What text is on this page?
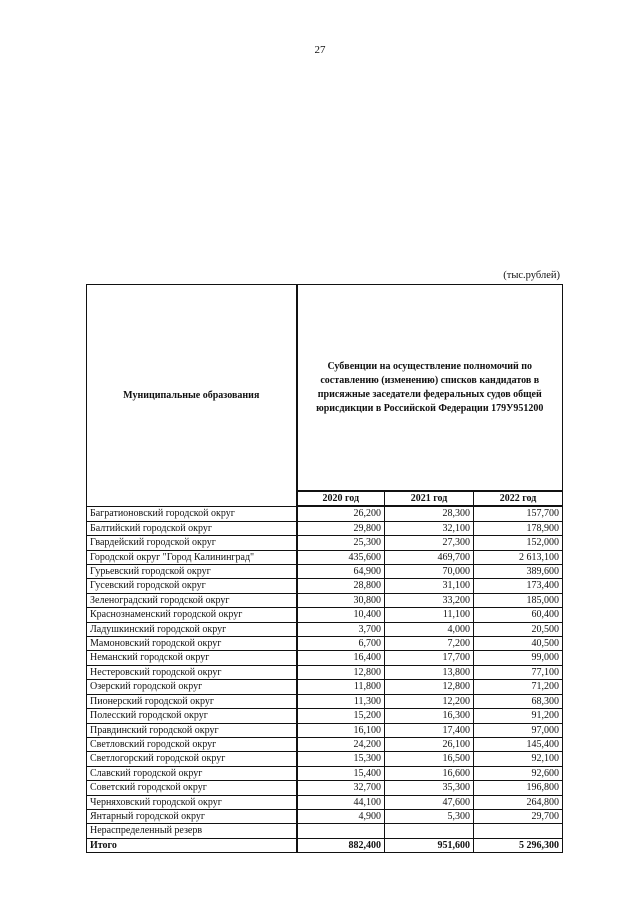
27
(тыс.рублей)
Муниципальные образования	Субвенции на осуществление полномочий по составлению (изменению) списков кандидатов в присяжные заседатели федеральных судов общей юрисдикции в Российской Федерации 179У951200		
	2020 год	2021 год	2022 год
Багратионовский городской округ	26,200	28,300	157,700
Балтийский городской округ	29,800	32,100	178,900
Гвардейский городской округ	25,300	27,300	152,000
Городской округ "Город Калининград"	435,600	469,700	2 613,100
Гурьевский городской округ	64,900	70,000	389,600
Гусевский городской округ	28,800	31,100	173,400
Зеленоградский городской округ	30,800	33,200	185,000
Краснознаменский городской округ	10,400	11,100	60,400
Ладушкинский городской округ	3,700	4,000	20,500
Мамоновский городской округ	6,700	7,200	40,500
Неманский городской округ	16,400	17,700	99,000
Нестеровский городской округ	12,800	13,800	77,100
Озерский городской округ	11,800	12,800	71,200
Пионерский городской округ	11,300	12,200	68,300
Полесский городской округ	15,200	16,300	91,200
Правдинский городской округ	16,100	17,400	97,000
Светловский городской округ	24,200	26,100	145,400
Светлогорский городской округ	15,300	16,500	92,100
Славский городской округ	15,400	16,600	92,600
Советский городской округ	32,700	35,300	196,800
Черняховский городской округ	44,100	47,600	264,800
Янтарный городской округ	4,900	5,300	29,700
Нераспределенный резерв			
Итого	882,400	951,600	5 296,300
